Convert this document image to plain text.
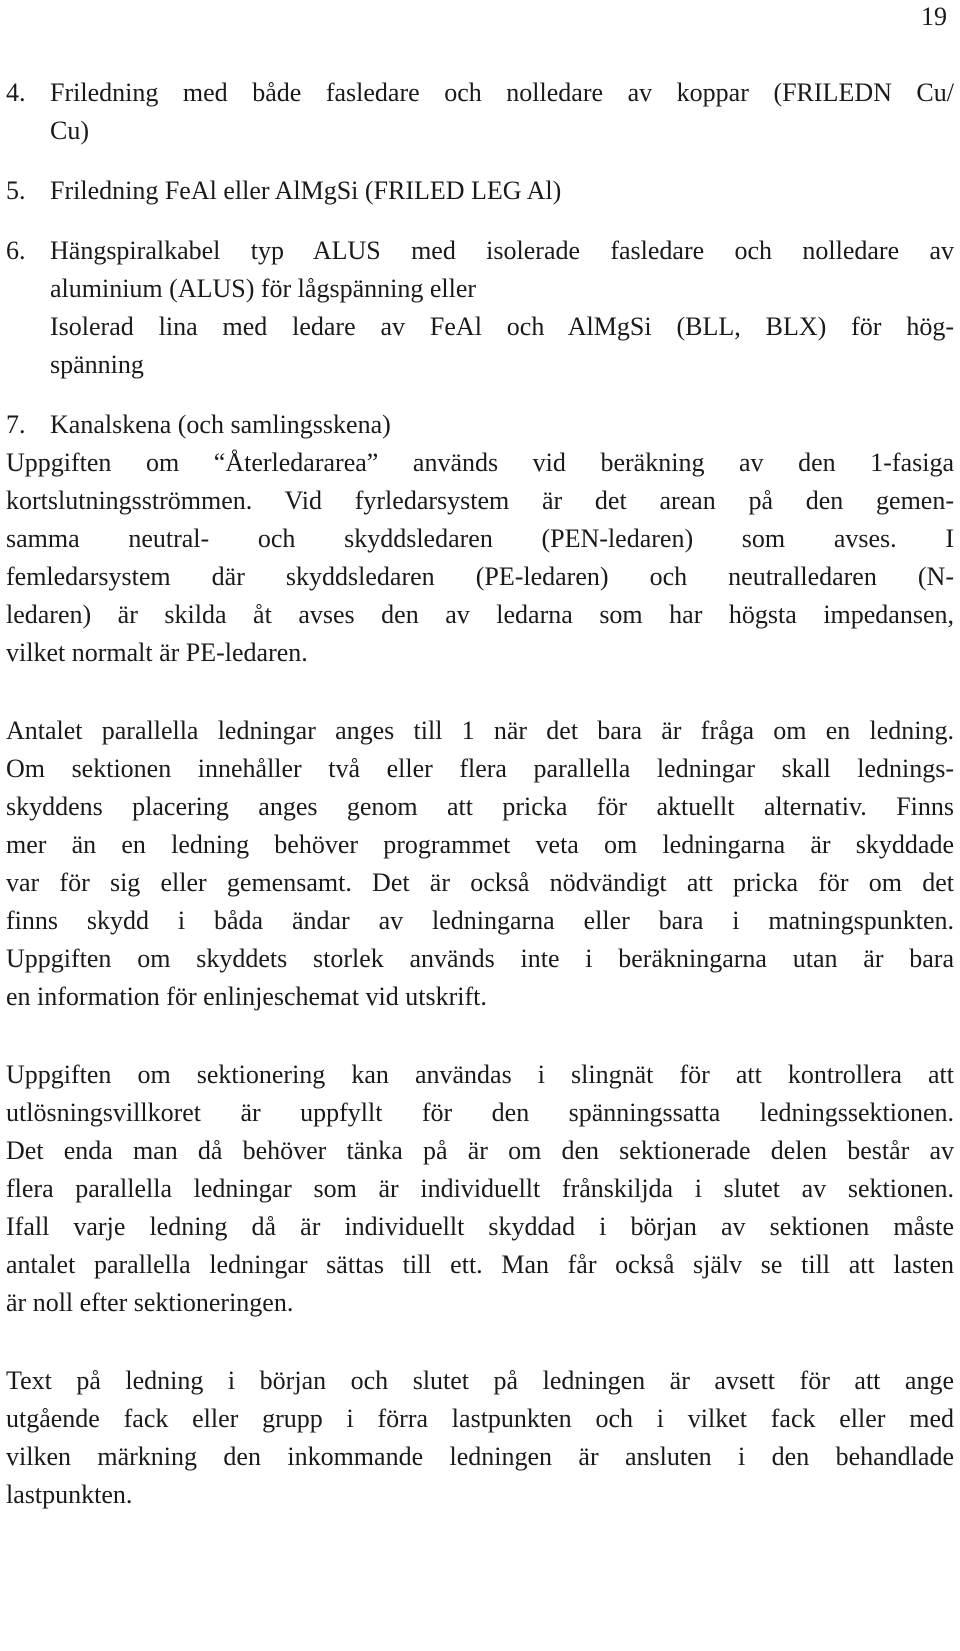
19
4. Friledning med både fasledare och nolledare av koppar (FRILEDN Cu/
Cu)
5. Friledning FeAl eller AlMgSi (FRILED LEG Al)
6. Hängspiralkabel typ ALUS med isolerade fasledare och nolledare av
aluminium (ALUS) för lågspänning eller
Isolerad lina med ledare av FeAl och AlMgSi (BLL, BLX) för hög-
spänning
7. Kanalskena (och samlingsskena)

Uppgiften om “Återledararea” används vid beräkning av den 1-fasiga
kortslutningsströmmen. Vid fyrledarsystem är det arean på den gemen-
samma neutral- och skyddsledaren (PEN-ledaren) som avses. I
femledarsystem där skyddsledaren (PE-ledaren) och neutralledaren (N-
ledaren) är skilda åt avses den av ledarna som har högsta impedansen,
vilket normalt är PE-ledaren.

Antalet parallella ledningar anges till 1 när det bara är fråga om en ledning.
Om sektionen innehåller två eller flera parallella ledningar skall lednings-
skyddens placering anges genom att pricka för aktuellt alternativ. Finns
mer än en ledning behöver programmet veta om ledningarna är skyddade
var för sig eller gemensamt. Det är också nödvändigt att pricka för om det
finns skydd i båda ändar av ledningarna eller bara i matningspunkten.
Uppgiften om skyddets storlek används inte i beräkningarna utan är bara
en information för enlinjeschemat vid utskrift.

Uppgiften om sektionering kan användas i slingnät för att kontrollera att
utlösningsvillkoret är uppfyllt för den spänningssatta ledningssektionen.
Det enda man då behöver tänka på är om den sektionerade delen består av
flera parallella ledningar som är individuellt frånskiljda i slutet av sektionen.
Ifall varje ledning då är individuellt skyddad i början av sektionen måste
antalet parallella ledningar sättas till ett. Man får också själv se till att lasten
är noll efter sektioneringen.

Text på ledning i början och slutet på ledningen är avsett för att ange
utgående fack eller grupp i förra lastpunkten och i vilket fack eller med
vilken märkning den inkommande ledningen är ansluten i den behandlade
lastpunkten.
